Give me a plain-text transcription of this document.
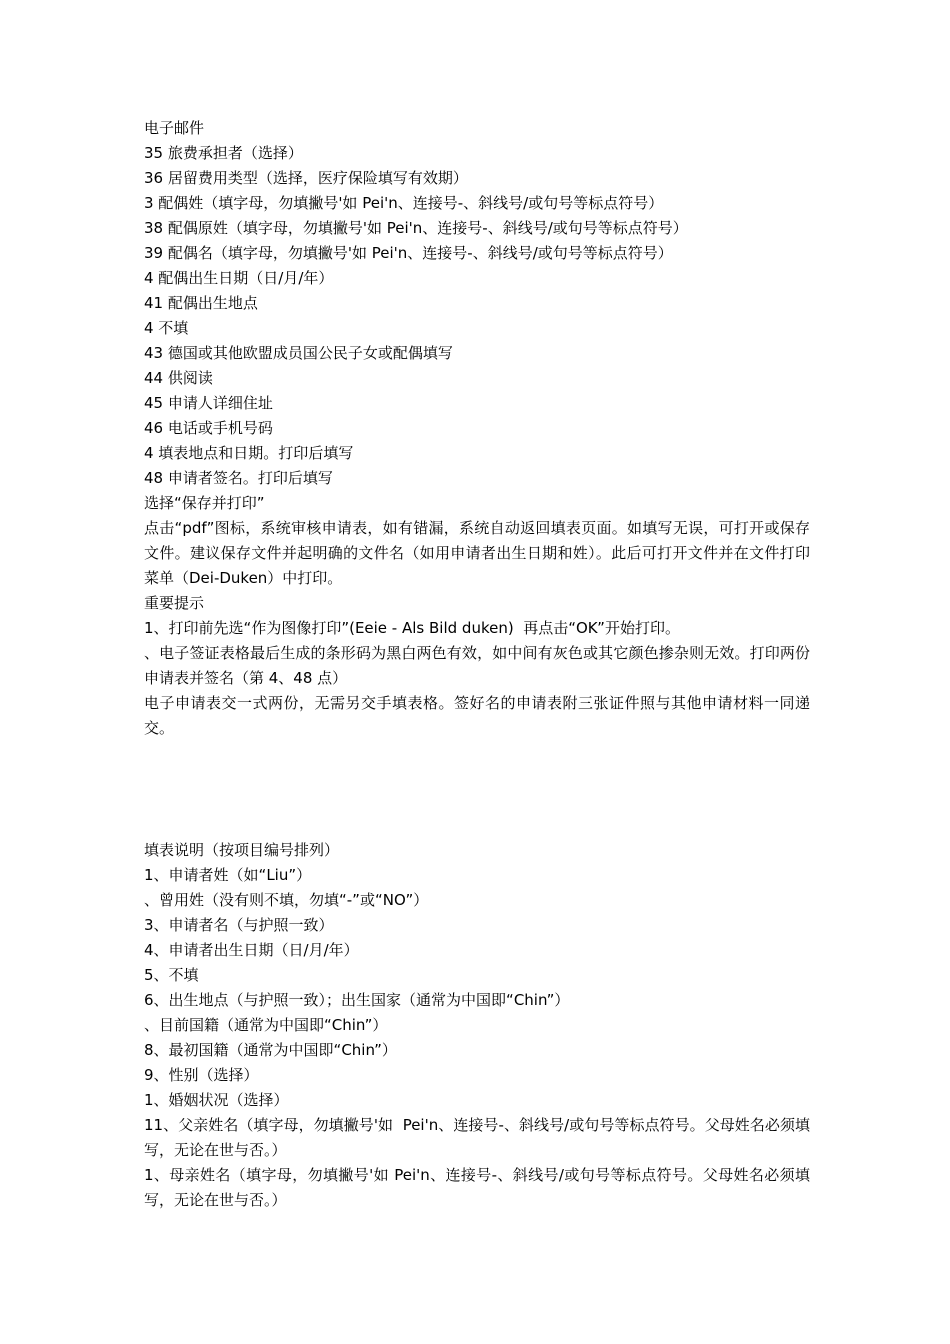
电子邮件

35 旅费承担者（选择）

36 居留费用类型（选择，医疗保险填写有效期）

3 配偶姓（填字母，勿填撇号'如 Pei'n、连接号-、斜线号/或句号等标点符号）

38 配偶原姓（填字母，勿填撇号'如 Pei'n、连接号-、斜线号/或句号等标点符号）

39 配偶名（填字母，勿填撇号'如 Pei'n、连接号-、斜线号/或句号等标点符号）

4 配偶出生日期（日/月/年）

41 配偶出生地点

4 不填

43 德国或其他欧盟成员国公民子女或配偶填写

44 供阅读

45 申请人详细住址

46 电话或手机号码

4 填表地点和日期。打印后填写

48 申请者签名。打印后填写

选择“保存并打印”

点击“pdf”图标，系统审核申请表，如有错漏，系统自动返回填表页面。如填写无误，可打开或保存文件。建议保存文件并起明确的文件名（如用申请者出生日期和姓）。此后可打开文件并在文件打印菜单（Dei-Duken）中打印。

重要提示

1、打印前先选“作为图像打印”(Eeie - Als Bild duken)  再点击“OK”开始打印。

、电子签证表格最后生成的条形码为黑白两色有效，如中间有灰色或其它颜色掺杂则无效。打印两份申请表并签名（第 4、48 点）

电子申请表交一式两份，无需另交手填表格。签好名的申请表附三张证件照与其他申请材料一同递交。

填表说明（按项目编号排列）

1、申请者姓（如“Liu”）

、曾用姓（没有则不填，勿填“-”或“NO”）

3、申请者名（与护照一致）

4、申请者出生日期（日/月/年）

5、不填

6、出生地点（与护照一致）；出生国家（通常为中国即“Chin”）

、目前国籍（通常为中国即“Chin”）

8、最初国籍（通常为中国即“Chin”）

9、性别（选择）

1、婚姻状况（选择）

11、父亲姓名（填字母，勿填撇号'如  Pei'n、连接号-、斜线号/或句号等标点符号。父母姓名必须填写，无论在世与否。）

1、母亲姓名（填字母，勿填撇号'如 Pei'n、连接号-、斜线号/或句号等标点符号。父母姓名必须填写，无论在世与否。）
